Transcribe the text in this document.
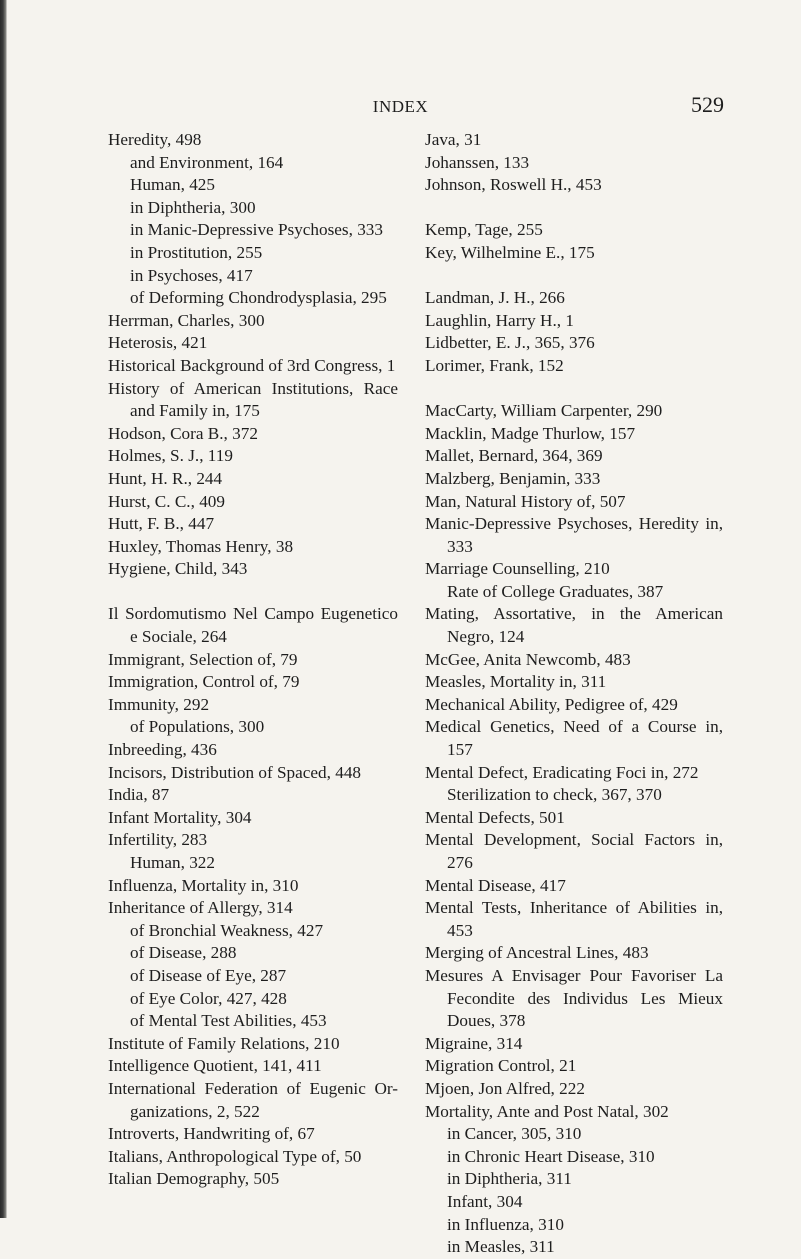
INDEX	529

Heredity, 498

and Environment, 164

Human, 425

in Diphtheria, 300

in Manic-Depressive Psychoses, 333

in Prostitution, 255

in Psychoses, 417

of Deforming Chondrodysplasia, 295

Herrman, Charles, 300

Heterosis, 421

Historical Background of 3rd Congress, 1

History of American Institutions, Race and Family in, 175

Hodson, Cora B., 372

Holmes, S. J., 119

Hunt, H. R., 244

Hurst, C. C., 409

Hutt, F. B., 447

Huxley, Thomas Henry, 38

Hygiene, Child, 343

Il Sordomutismo Nel Campo Eugenetico e Sociale, 264

Immigrant, Selection of, 79

Immigration, Control of, 79

Immunity, 292

of Populations, 300

Inbreeding, 436

Incisors, Distribution of Spaced, 448

India, 87

Infant Mortality, 304

Infertility, 283

Human, 322

Influenza, Mortality in, 310

Inheritance of Allergy, 314

of Bronchial Weakness, 427

of Disease, 288

of Disease of Eye, 287

of Eye Color, 427, 428

of Mental Test Abilities, 453

Institute of Family Relations, 210

Intelligence Quotient, 141, 411

International Federation of Eugenic Or-ganizations, 2, 522

Introverts, Handwriting of, 67

Italians, Anthropological Type of, 50

Italian Demography, 505

Java, 31

Johanssen, 133

Johnson, Roswell H., 453

Kemp, Tage, 255

Key, Wilhelmine E., 175

Landman, J. H., 266

Laughlin, Harry H., 1

Lidbetter, E. J., 365, 376

Lorimer, Frank, 152

MacCarty, William Carpenter, 290

Macklin, Madge Thurlow, 157

Mallet, Bernard, 364, 369

Malzberg, Benjamin, 333

Man, Natural History of, 507

Manic-Depressive Psychoses, Heredity in, 333

Marriage Counselling, 210

Rate of College Graduates, 387

Mating, Assortative, in the American Negro, 124

McGee, Anita Newcomb, 483

Measles, Mortality in, 311

Mechanical Ability, Pedigree of, 429

Medical Genetics, Need of a Course in, 157

Mental Defect, Eradicating Foci in, 272

Sterilization to check, 367, 370

Mental Defects, 501

Mental Development, Social Factors in, 276

Mental Disease, 417

Mental Tests, Inheritance of Abilities in, 453

Merging of Ancestral Lines, 483

Mesures A Envisager Pour Favoriser La Fecondite des Individus Les Mieux Doues, 378

Migraine, 314

Migration Control, 21

Mjoen, Jon Alfred, 222

Mortality, Ante and Post Natal, 302

in Cancer, 305, 310

in Chronic Heart Disease, 310

in Diphtheria, 311

Infant, 304

in Influenza, 310

in Measles, 311
